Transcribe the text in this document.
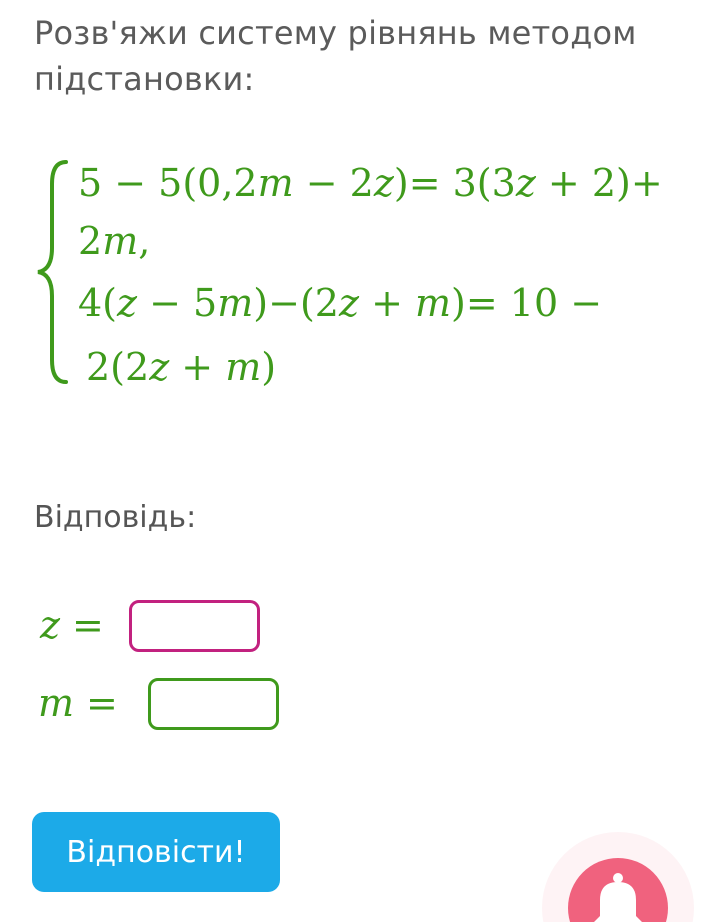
Розв'яжи систему рівнянь методом підстановки:
5 − 5(0,2m − 2z)= 3(3z + 2)+
2m,
4(z − 5m)−(2z + m)= 10 −
2(2z + m)
Відповідь:
z =
m =
Відповісти!
